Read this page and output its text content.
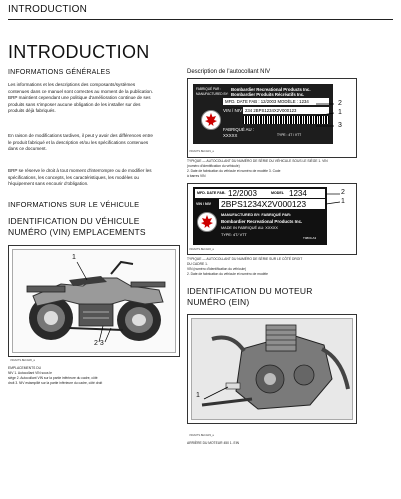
INTRODUCTION
INTRODUCTION
INFORMATIONS GÉNÉRALES
Les informations et les descriptions des composants/systèmes
contenues dans ce manuel sont correctes au moment de la publication.
BRP maintient cependant une politique d'amélioration continue de ses
produits sans s'imposer aucune obligation de les installer sur des
produits déjà fabriqués.
En raison de modifications tardives, il peut y avoir des différences entre
le produit fabriqué et la description et/ou les spécifications contenues
dans ce document.
BRP se réserve le droit à tout moment d'interrompre ou de modifier les
spécifications, les concepts, les caractéristiques, les modèles ou
l'équipement sans encourir d'obligation.
INFORMATIONS SUR LE VÉHICULE
IDENTIFICATION DU VÉHICULE
NUMÉRO (VIN) EMPLACEMENTS
1
2 3
V00A0TS.8ECAR0_a
EMPLACEMENTS DU
NIV 1. Autocollant VIN sous le
siège 2. Autocollant VIN sur la partie inférieure du cadre, côté
droit 3. NIV estampillé sur la partie inférieure du cadre, côté droit
Description de l'autocollant NIV
FABRIQUÉ PAR :
MANUFACTURED BY:
Bombardier Recreational Products Inc.
Bombardier Produits Récréatifs Inc.
MFD. DATE FAB : 12/2003 MODÈLE : 1234
VIN / NIV 234 2BPS1234X2V000123
FABRIQUÉ AU :
XXXXX	TYPE : 4T / VTT
2
1
3
V00A0TS.8ECAR1_a
TYPIQUE — AUTOCOLLANT DU NUMÉRO DE SÉRIE DU VÉHICULE SOUS LE SIÈGE 1. VIN
(numéro d'identification du véhicule)
2. Date de fabrication du véhicule et numéro de modèle 3. Code
à barres VIN
MFD. DATE FAB. 12/2003	MODEL 1234
VIN / NIV 2BPS1234X2V000123
MANUFACTURED BY: FABRIQUÉ PAR:
Bombardier Recreational Products Inc.
MADE IN FABRIQUÉ AU: XXXXX
TYPE: 4T/ VTT
T0800-A3
2
1
V00A0TS.8ECAR2_a
TYPIQUE — AUTOCOLLANT DU NUMÉRO DE SÉRIE SUR LE CÔTÉ DROIT
DU CADRE 1.
VIN (numéro d'identification du véhicule)
2. Date de fabrication du véhicule et numéro de modèle
IDENTIFICATION DU MOTEUR
NUMÉRO (EIN)
1
V00A0TS.8ECAR3_a
ARRIÈRE DU MOTEUR 450 1. EIN
